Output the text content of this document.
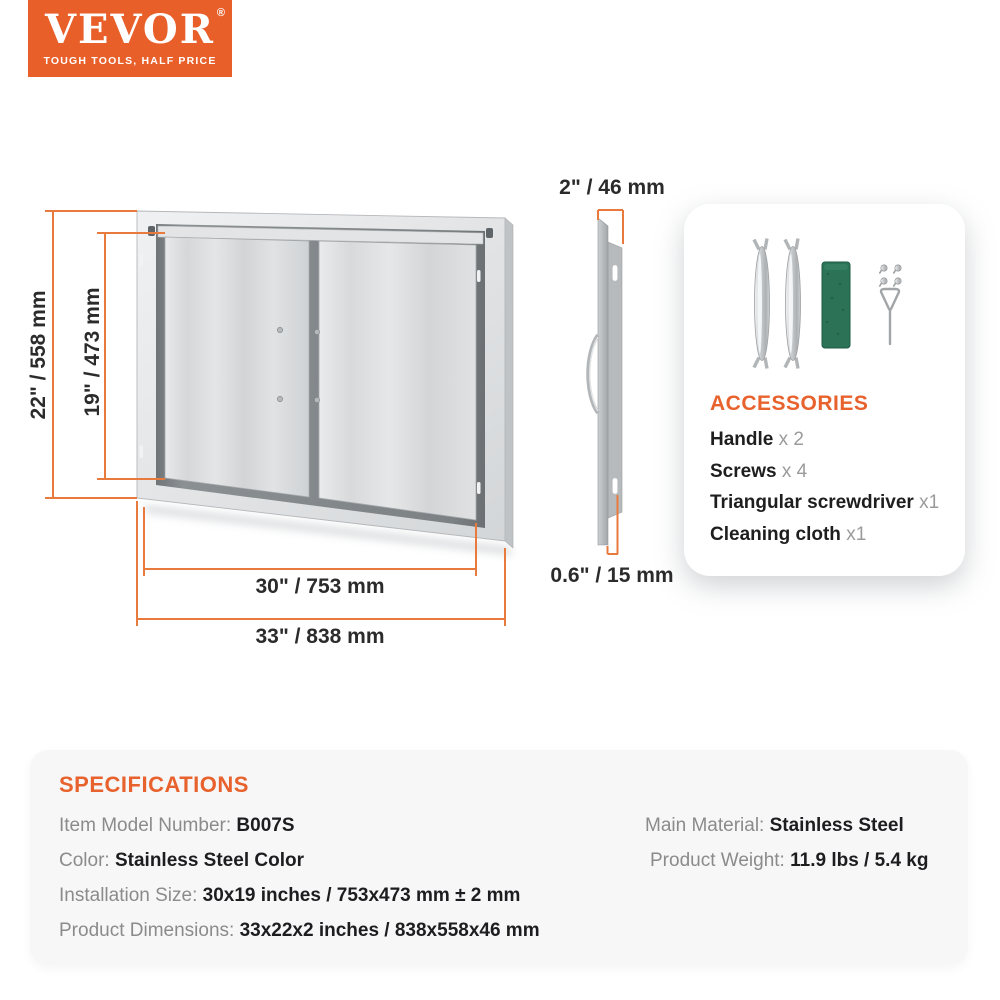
VEVOR ®
TOUGH TOOLS, HALF PRICE
22" / 558 mm 19" / 473 mm
30" / 753 mm
33" / 838 mm
2" / 46 mm
0.6" / 15 mm
ACCESSORIES
Handle x 2
Screws x 4
Triangular screwdriver x1
Cleaning cloth x1
SPECIFICATIONS
Item Model Number: B007S
Color: Stainless Steel Color
Installation Size: 30x19 inches / 753x473 mm ± 2 mm
Product Dimensions: 33x22x2 inches / 838x558x46 mm
Main Material: Stainless Steel
Product Weight: 11.9 lbs / 5.4 kg
